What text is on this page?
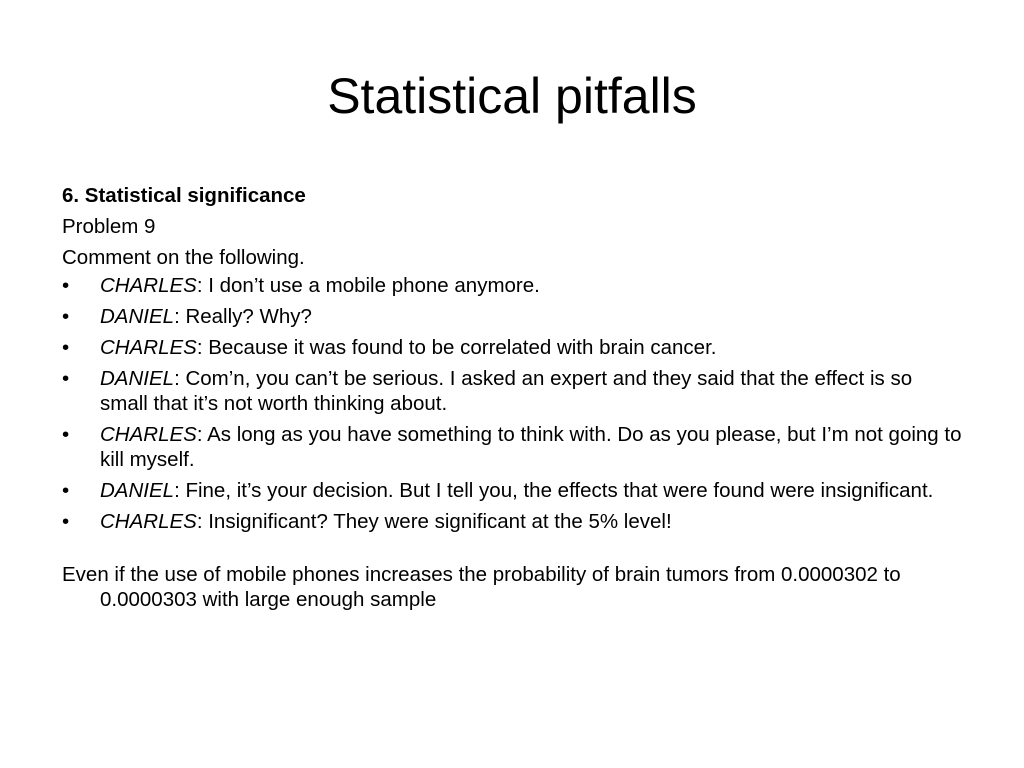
Statistical pitfalls

6. Statistical significance

Problem 9

Comment on the following.

•	CHARLES: I don’t use a mobile phone anymore.
•	DANIEL: Really? Why?
•	CHARLES: Because it was found to be correlated with brain cancer.
•	DANIEL: Com’n, you can’t be serious. I asked an expert and they said that the effect is so small that it’s not worth thinking about.
•	CHARLES: As long as you have something to think with. Do as you please, but I’m not going to kill myself.
•	DANIEL: Fine, it’s your decision. But I tell you, the effects that were found were insignificant.
•	CHARLES: Insignificant? They were significant at the 5% level!

Even if the use of mobile phones increases the probability of brain tumors from 0.0000302 to 0.0000303 with large enough sample
